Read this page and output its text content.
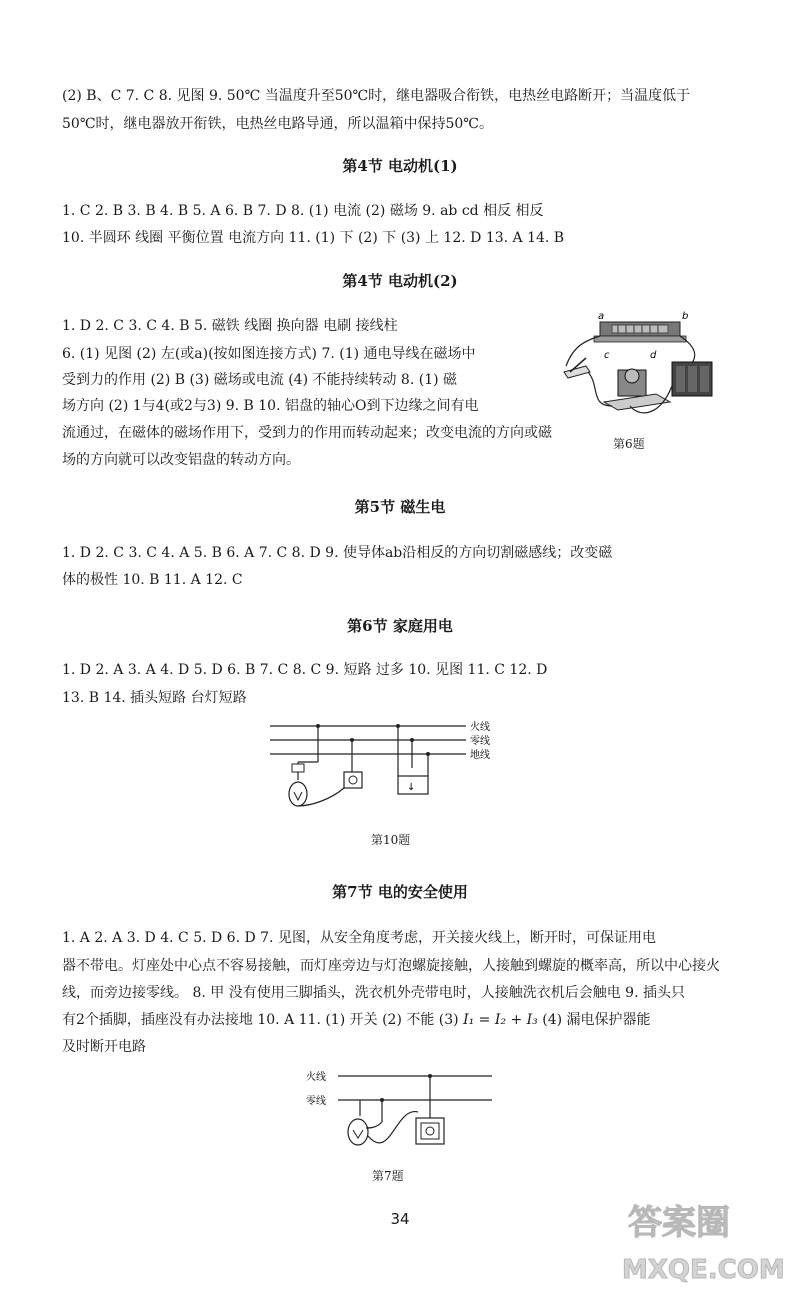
(2) B、C 7. C 8. 见图 9. 50℃ 当温度升至50℃时，继电器吸合衔铁，电热丝电路断开；当温度低于
50℃时，继电器放开衔铁，电热丝电路导通，所以温箱中保持50℃。
第4节 电动机(1)
1. C 2. B 3. B 4. B 5. A 6. B 7. D 8. (1) 电流 (2) 磁场 9. ab cd 相反 相反
10. 半圆环 线圈 平衡位置 电流方向 11. (1) 下 (2) 下 (3) 上 12. D 13. A 14. B
第4节 电动机(2)
1. D 2. C 3. C 4. B 5. 磁铁 线圈 换向器 电刷 接线柱
6. (1) 见图 (2) 左(或a)(按如图连接方式) 7. (1) 通电导线在磁场中
受到力的作用 (2) B (3) 磁场或电流 (4) 不能持续转动 8. (1) 磁
场方向 (2) 1与4(或2与3) 9. B 10. 铝盘的轴心O到下边缘之间有电
流通过，在磁体的磁场作用下，受到力的作用而转动起来；改变电流的方向或磁
场的方向就可以改变铝盘的转动方向。
a	b
c	d
第6题
第5节 磁生电
1. D 2. C 3. C 4. A 5. B 6. A 7. C 8. D 9. 使导体ab沿相反的方向切割磁感线；改变磁
体的极性 10. B 11. A 12. C
第6节 家庭用电
1. D 2. A 3. A 4. D 5. D 6. B 7. C 8. C 9. 短路 过多 10. 见图 11. C 12. D
13. B 14. 插头短路 台灯短路
火线
零线
地线
↓
第10题
第7节 电的安全使用
1. A 2. A 3. D 4. C 5. D 6. D 7. 见图，从安全角度考虑，开关接火线上，断开时，可保证用电
器不带电。灯座处中心点不容易接触，而灯座旁边与灯泡螺旋接触，人接触到螺旋的概率高，所以中心接火
线，而旁边接零线。 8. 甲 没有使用三脚插头，洗衣机外壳带电时，人接触洗衣机后会触电 9. 插头只
有2个插脚，插座没有办法接地 10. A 11. (1) 开关 (2) 不能 (3) I₁ = I₂ + I₃ (4) 漏电保护器能
及时断开电路
火线
零线
第7题
34	答案圈
MXQE.COM
